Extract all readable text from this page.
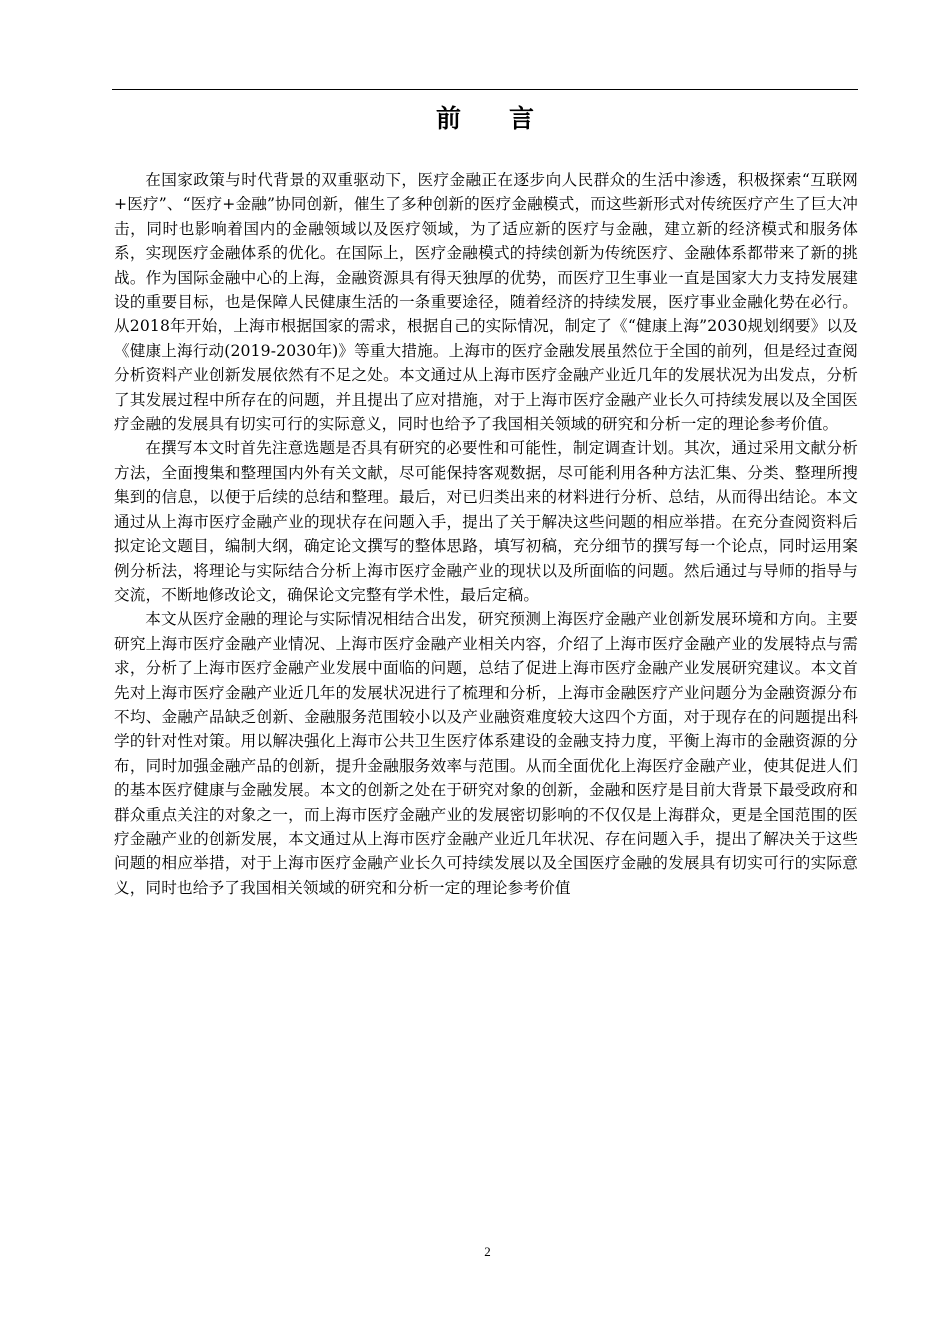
前 言

在国家政策与时代背景的双重驱动下，医疗金融正在逐步向人民群众的生活中渗透，积极探索“互联网+医疗”、“医疗+金融”协同创新，催生了多种创新的医疗金融模式，而这些新形式对传统医疗产生了巨大冲击，同时也影响着国内的金融领域以及医疗领域，为了适应新的医疗与金融，建立新的经济模式和服务体系，实现医疗金融体系的优化。在国际上，医疗金融模式的持续创新为传统医疗、金融体系都带来了新的挑战。作为国际金融中心的上海，金融资源具有得天独厚的优势，而医疗卫生事业一直是国家大力支持发展建设的重要目标，也是保障人民健康生活的一条重要途径，随着经济的持续发展，医疗事业金融化势在必行。从2018年开始，上海市根据国家的需求，根据自己的实际情况，制定了《“健康上海”2030规划纲要》以及《健康上海行动(2019-2030年)》等重大措施。上海市的医疗金融发展虽然位于全国的前列，但是经过查阅分析资料产业创新发展依然有不足之处。本文通过从上海市医疗金融产业近几年的发展状况为出发点，分析了其发展过程中所存在的问题，并且提出了应对措施，对于上海市医疗金融产业长久可持续发展以及全国医疗金融的发展具有切实可行的实际意义，同时也给予了我国相关领域的研究和分析一定的理论参考价值。

在撰写本文时首先注意选题是否具有研究的必要性和可能性，制定调查计划。其次，通过采用文献分析方法，全面搜集和整理国内外有关文献，尽可能保持客观数据，尽可能利用各种方法汇集、分类、整理所搜集到的信息，以便于后续的总结和整理。最后，对已归类出来的材料进行分析、总结，从而得出结论。本文通过从上海市医疗金融产业的现状存在问题入手，提出了关于解决这些问题的相应举措。在充分查阅资料后拟定论文题目，编制大纲，确定论文撰写的整体思路，填写初稿，充分细节的撰写每一个论点，同时运用案例分析法，将理论与实际结合分析上海市医疗金融产业的现状以及所面临的问题。然后通过与导师的指导与交流，不断地修改论文，确保论文完整有学术性，最后定稿。

本文从医疗金融的理论与实际情况相结合出发，研究预测上海医疗金融产业创新发展环境和方向。主要研究上海市医疗金融产业情况、上海市医疗金融产业相关内容，介绍了上海市医疗金融产业的发展特点与需求，分析了上海市医疗金融产业发展中面临的问题，总结了促进上海市医疗金融产业发展研究建议。本文首先对上海市医疗金融产业近几年的发展状况进行了梳理和分析，上海市金融医疗产业问题分为金融资源分布不均、金融产品缺乏创新、金融服务范围较小以及产业融资难度较大这四个方面，对于现存在的问题提出科学的针对性对策。用以解决强化上海市公共卫生医疗体系建设的金融支持力度，平衡上海市的金融资源的分布，同时加强金融产品的创新，提升金融服务效率与范围。从而全面优化上海医疗金融产业，使其促进人们的基本医疗健康与金融发展。本文的创新之处在于研究对象的创新，金融和医疗是目前大背景下最受政府和群众重点关注的对象之一，而上海市医疗金融产业的发展密切影响的不仅仅是上海群众，更是全国范围的医疗金融产业的创新发展，本文通过从上海市医疗金融产业近几年状况、存在问题入手，提出了解决关于这些问题的相应举措，对于上海市医疗金融产业长久可持续发展以及全国医疗金融的发展具有切实可行的实际意义，同时也给予了我国相关领域的研究和分析一定的理论参考价值

2
